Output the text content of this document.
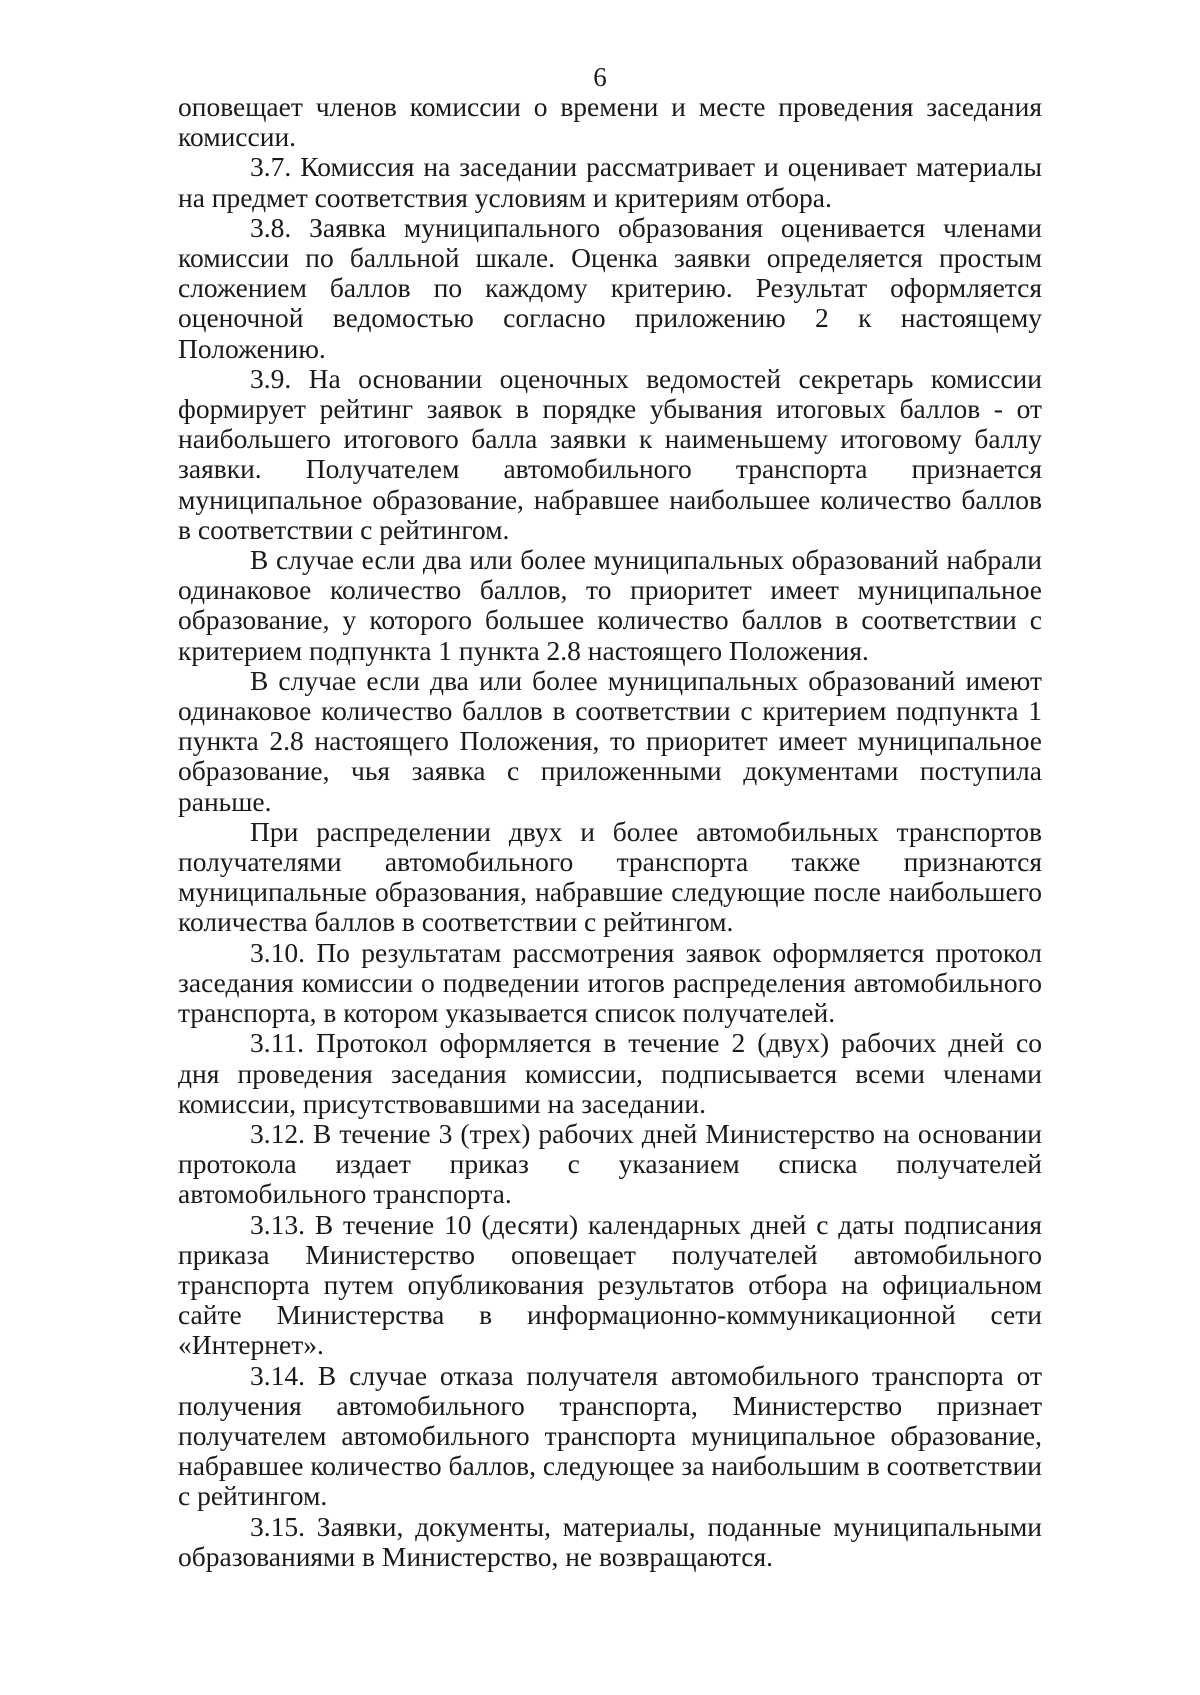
6

оповещает членов комиссии о времени и месте проведения заседания комиссии.

3.7. Комиссия на заседании рассматривает и оценивает материалы на предмет соответствия условиям и критериям отбора.

3.8. Заявка муниципального образования оценивается членами комиссии по балльной шкале. Оценка заявки определяется простым сложением баллов по каждому критерию. Результат оформляется оценочной ведомостью согласно приложению 2 к настоящему Положению.

3.9. На основании оценочных ведомостей секретарь комиссии формирует рейтинг заявок в порядке убывания итоговых баллов - от наибольшего итогового балла заявки к наименьшему итоговому баллу заявки. Получателем автомобильного транспорта признается муниципальное образование, набравшее наибольшее количество баллов в соответствии с рейтингом.

В случае если два или более муниципальных образований набрали одинаковое количество баллов, то приоритет имеет муниципальное образование, у которого большее количество баллов в соответствии с критерием подпункта 1 пункта 2.8 настоящего Положения.

В случае если два или более муниципальных образований имеют одинаковое количество баллов в соответствии с критерием подпункта 1 пункта 2.8 настоящего Положения, то приоритет имеет муниципальное образование, чья заявка с приложенными документами поступила раньше.

При распределении двух и более автомобильных транспортов получателями автомобильного транспорта также признаются муниципальные образования, набравшие следующие после наибольшего количества баллов в соответствии с рейтингом.

3.10. По результатам рассмотрения заявок оформляется протокол заседания комиссии о подведении итогов распределения автомобильного транспорта, в котором указывается список получателей.

3.11. Протокол оформляется в течение 2 (двух) рабочих дней со дня проведения заседания комиссии, подписывается всеми членами комиссии, присутствовавшими на заседании.

3.12. В течение 3 (трех) рабочих дней Министерство на основании протокола издает приказ с указанием списка получателей автомобильного транспорта.

3.13. В течение 10 (десяти) календарных дней с даты подписания приказа Министерство оповещает получателей автомобильного транспорта путем опубликования результатов отбора на официальном сайте Министерства в информационно-коммуникационной сети «Интернет».

3.14. В случае отказа получателя автомобильного транспорта от получения автомобильного транспорта, Министерство признает получателем автомобильного транспорта муниципальное образование, набравшее количество баллов, следующее за наибольшим в соответствии с рейтингом.

3.15. Заявки, документы, материалы, поданные муниципальными образованиями в Министерство, не возвращаются.
